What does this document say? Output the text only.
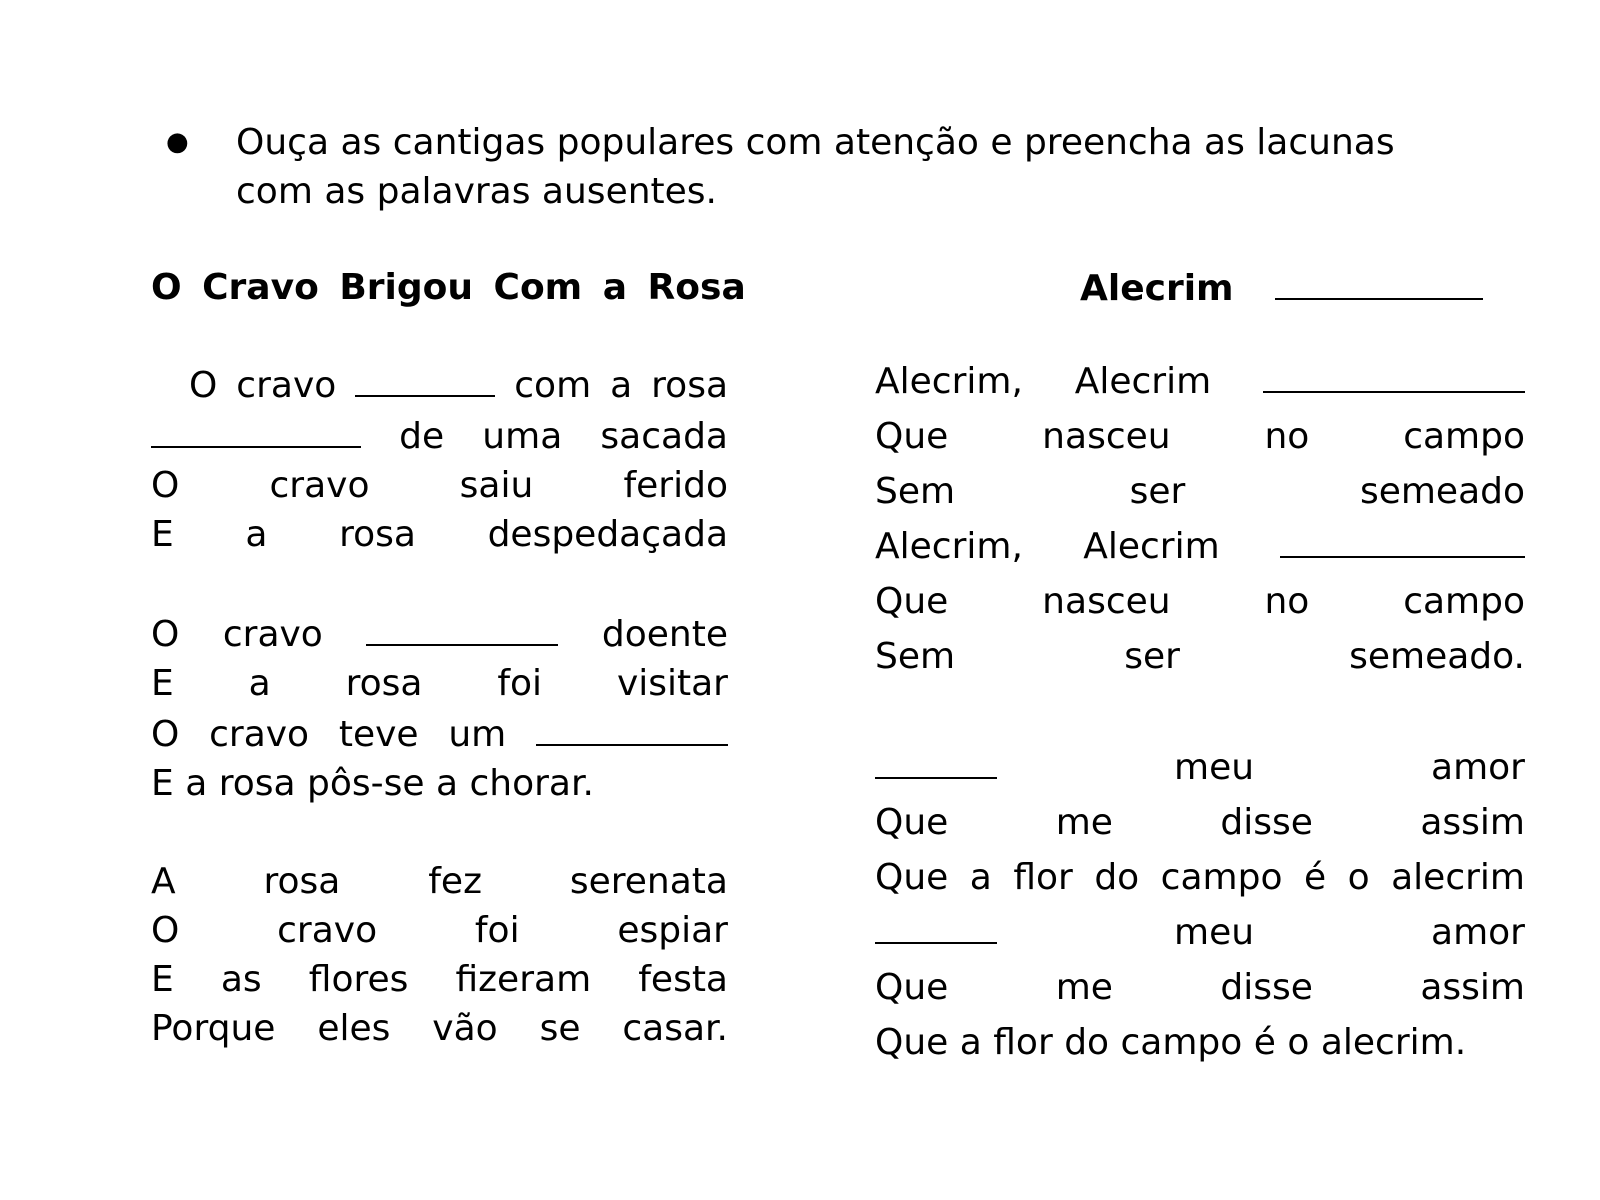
●	Ouça as cantigas populares com atenção e preencha as lacunas
com as palavras ausentes.
O Cravo Brigou Com a Rosa
O cravo	com a rosa
de uma sacada
O cravo saiu ferido
E a rosa despedaçada
O cravo	doente
E a rosa foi visitar
O cravo teve um
E a rosa pôs-se a chorar.
A rosa fez serenata
O cravo foi espiar
E as flores fizeram festa
Porque eles vão se casar.
Alecrim
Alecrim, Alecrim
Que nasceu no campo
Sem ser semeado
Alecrim, Alecrim
Que nasceu no campo
Sem ser semeado.
meu amor
Que me disse assim
Que a flor do campo é o alecrim
meu amor
Que me disse assim
Que a flor do campo é o alecrim.
